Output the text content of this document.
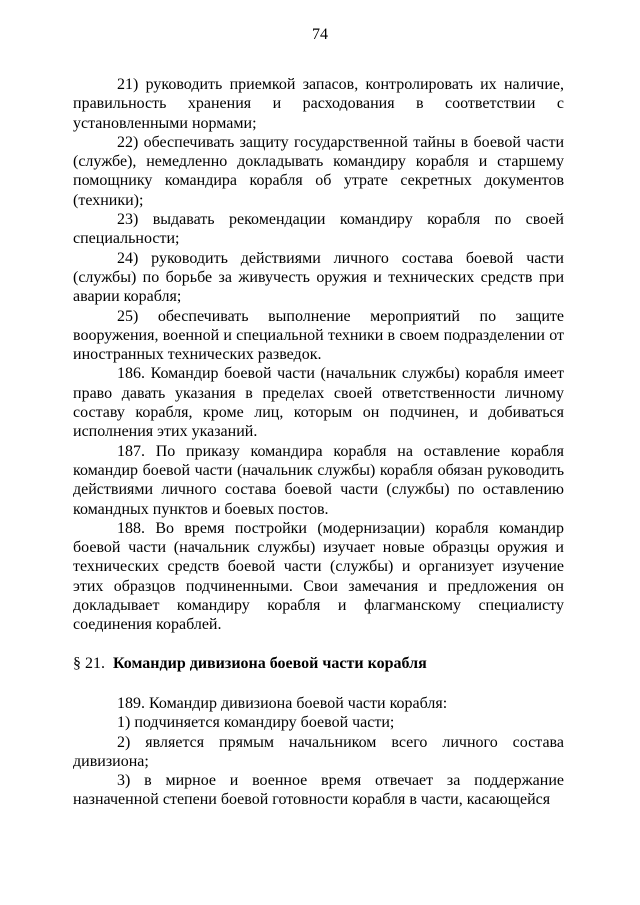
74

21) руководить приемкой запасов, контролировать их наличие, правильность хранения и расходования в соответствии с установленными нормами;

22) обеспечивать защиту государственной тайны в боевой части (службе), немедленно докладывать командиру корабля и старшему помощнику командира корабля об утрате секретных документов (техники);

23) выдавать рекомендации командиру корабля по своей специальности;

24) руководить действиями личного состава боевой части (службы) по борьбе за живучесть оружия и технических средств при аварии корабля;

25) обеспечивать выполнение мероприятий по защите вооружения, военной и специальной техники в своем подразделении от иностранных технических разведок.

186. Командир боевой части (начальник службы) корабля имеет право давать указания в пределах своей ответственности личному составу корабля, кроме лиц, которым он подчинен, и добиваться исполнения этих указаний.

187. По приказу командира корабля на оставление корабля командир боевой части (начальник службы) корабля обязан руководить действиями личного состава боевой части (службы) по оставлению командных пунктов и боевых постов.

188. Во время постройки (модернизации) корабля командир боевой части (начальник службы) изучает новые образцы оружия и технических средств боевой части (службы) и организует изучение этих образцов подчиненными. Свои замечания и предложения он докладывает командиру корабля и флагманскому специалисту соединения кораблей.

§ 21. Командир дивизиона боевой части корабля

189. Командир дивизиона боевой части корабля:

1) подчиняется командиру боевой части;

2) является прямым начальником всего личного состава дивизиона;

3) в мирное и военное время отвечает за поддержание назначенной степени боевой готовности корабля в части, касающейся
